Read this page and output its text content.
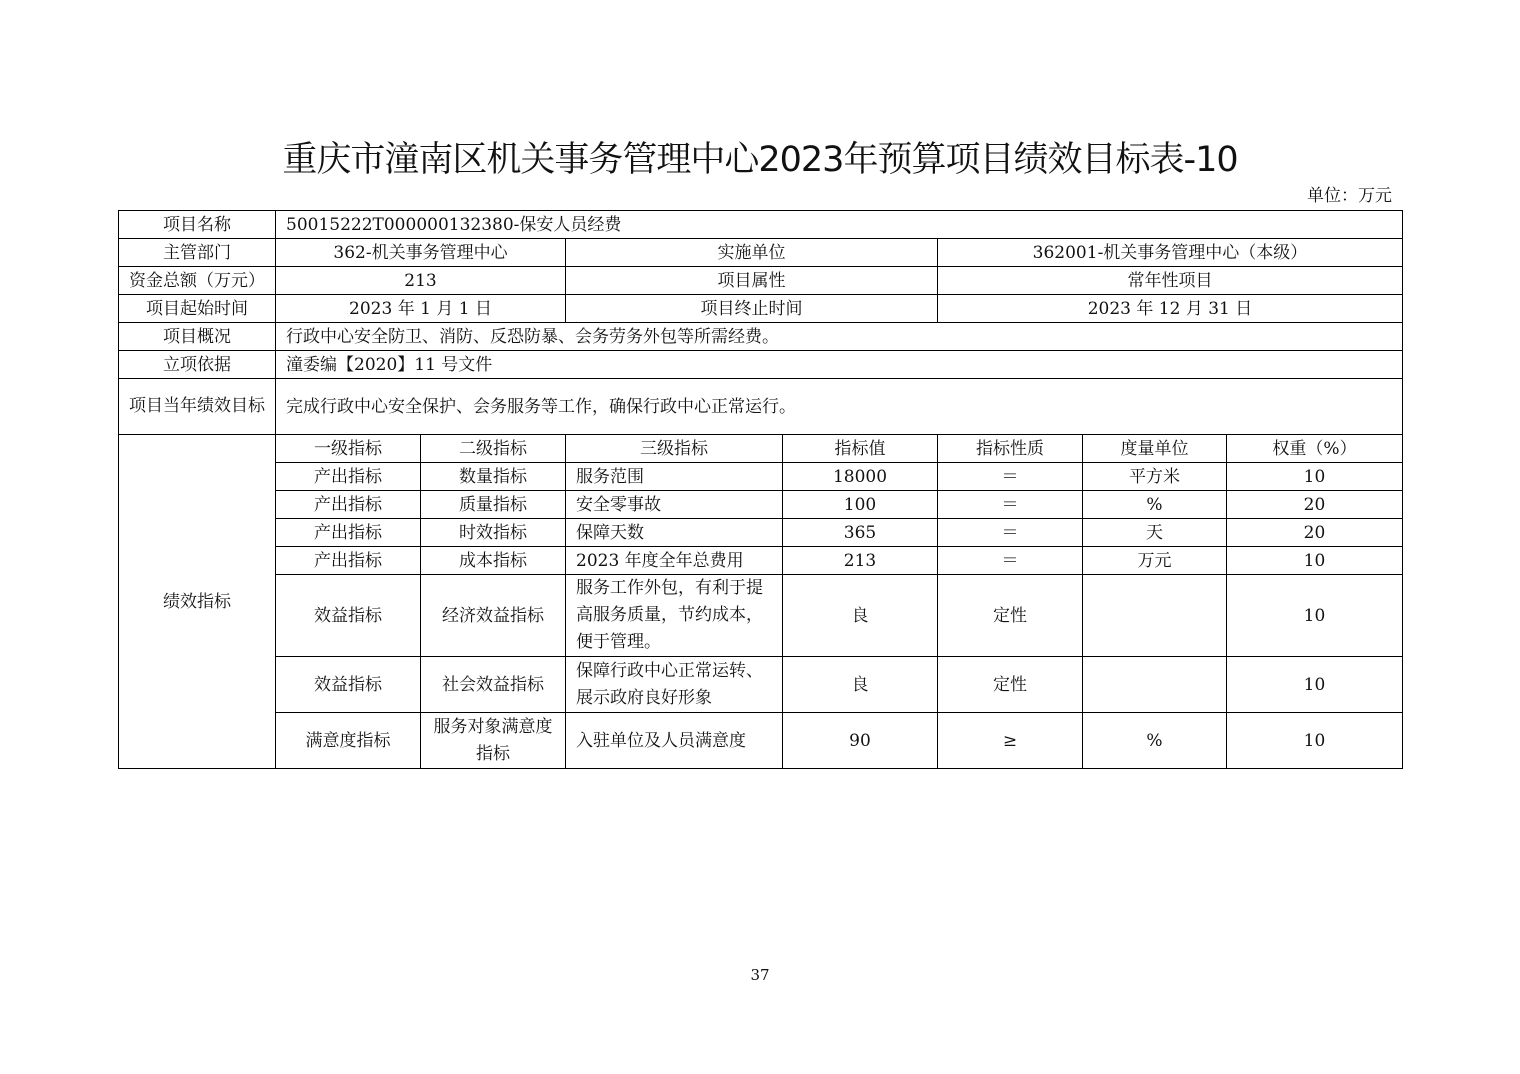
重庆市潼南区机关事务管理中心2023年预算项目绩效目标表-10
单位：万元
项目名称	50015222T000000132380-保安人员经费						
主管部门	362-机关事务管理中心		实施单位		362001-机关事务管理中心（本级）		
资金总额（万元）	213		项目属性		常年性项目		
项目起始时间	2023 年 1 月 1 日		项目终止时间		2023 年 12 月 31 日		
项目概况	行政中心安全防卫、消防、反恐防暴、会务劳务外包等所需经费。						
立项依据	潼委编【2020】11 号文件						
项目当年绩效目标	完成行政中心安全保护、会务服务等工作，确保行政中心正常运行。						
绩效指标	一级指标	二级指标	三级指标	指标值	指标性质	度量单位	权重（%）
	产出指标	数量指标	服务范围	18000	＝	平方米	10
	产出指标	质量指标	安全零事故	100	＝	%	20
	产出指标	时效指标	保障天数	365	＝	天	20
	产出指标	成本指标	2023 年度全年总费用	213	＝	万元	10
	效益指标	经济效益指标	服务工作外包，有利于提高服务质量，节约成本，便于管理。	良	定性		10
	效益指标	社会效益指标	保障行政中心正常运转、展示政府良好形象	良	定性		10
	满意度指标	服务对象满意度指标	入驻单位及人员满意度	90	≥	%	10
37
